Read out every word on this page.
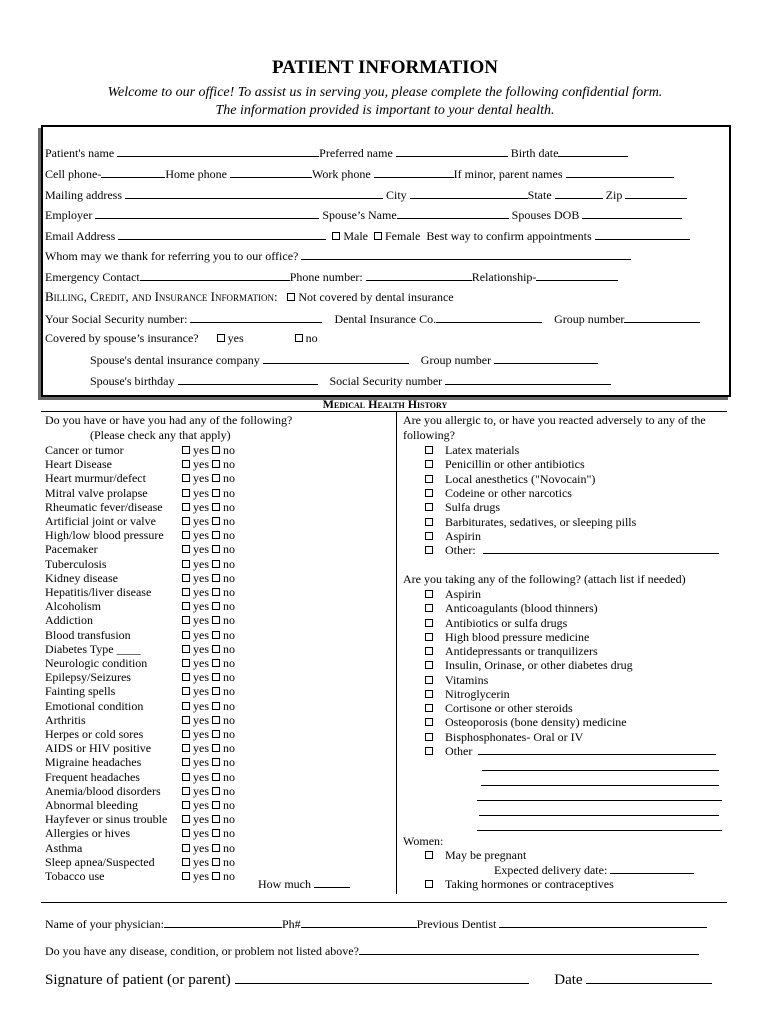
PATIENT INFORMATION
Welcome to our office! To assist us in serving you, please complete the following confidential form.
The information provided is important to your dental health.
Patient's name	Preferred name	Birth date
Cell phone-	Home phone	Work phone	If minor, parent names
Mailing address	City	State	Zip
Employer	Spouse’s Name	Spouses DOB
Email Address	Male Female Best way to confirm appointments
Whom may we thank for referring you to our office?
Emergency Contact	Phone number:	Relationship-
Billing, Credit, and Insurance Information: Not covered by dental insurance
Your Social Security number:	Dental Insurance Co.	Group number
Covered by spouse’s insurance? yes	no
Spouse's dental insurance company	Group number
Spouse's birthday	Social Security number
Medical Health History
Do you have or have you had any of the following?
(Please check any that apply)
Cancer or tumor	yes no
Heart Disease	yes no
Heart murmur/defect	yes no
Mitral valve prolapse	yes no
Rheumatic fever/disease	yes no
Artificial joint or valve	yes no
High/low blood pressure	yes no
Pacemaker	yes no
Tuberculosis	yes no
Kidney disease	yes no
Hepatitis/liver disease	yes no
Alcoholism	yes no
Addiction	yes no
Blood transfusion	yes no
Diabetes Type ____	yes no
Neurologic condition	yes no
Epilepsy/Seizures	yes no
Fainting spells	yes no
Emotional condition	yes no
Arthritis	yes no
Herpes or cold sores	yes no
AIDS or HIV positive	yes no
Migraine headaches	yes no
Frequent headaches	yes no
Anemia/blood disorders	yes no
Abnormal bleeding	yes no
Hayfever or sinus trouble	yes no
Allergies or hives	yes no
Asthma	yes no
Sleep apnea/Suspected	yes no
Tobacco use	yes no
How much
Are you allergic to, or have you reacted adversely to any of the
following?
Latex materials
Penicillin or other antibiotics
Local anesthetics ("Novocain")
Codeine or other narcotics
Sulfa drugs
Barbiturates, sedatives, or sleeping pills
Aspirin
Other:
Are you taking any of the following? (attach list if needed)
Aspirin
Anticoagulants (blood thinners)
Antibiotics or sulfa drugs
High blood pressure medicine
Antidepressants or tranquilizers
Insulin, Orinase, or other diabetes drug
Vitamins
Nitroglycerin
Cortisone or other steroids
Osteoporosis (bone density) medicine
Bisphosphonates- Oral or IV
Other
Women:
May be pregnant
Expected delivery date:
Taking hormones or contraceptives
Name of your physician:	Ph#	Previous Dentist
Do you have any disease, condition, or problem not listed above?
Signature of patient (or parent)	Date
